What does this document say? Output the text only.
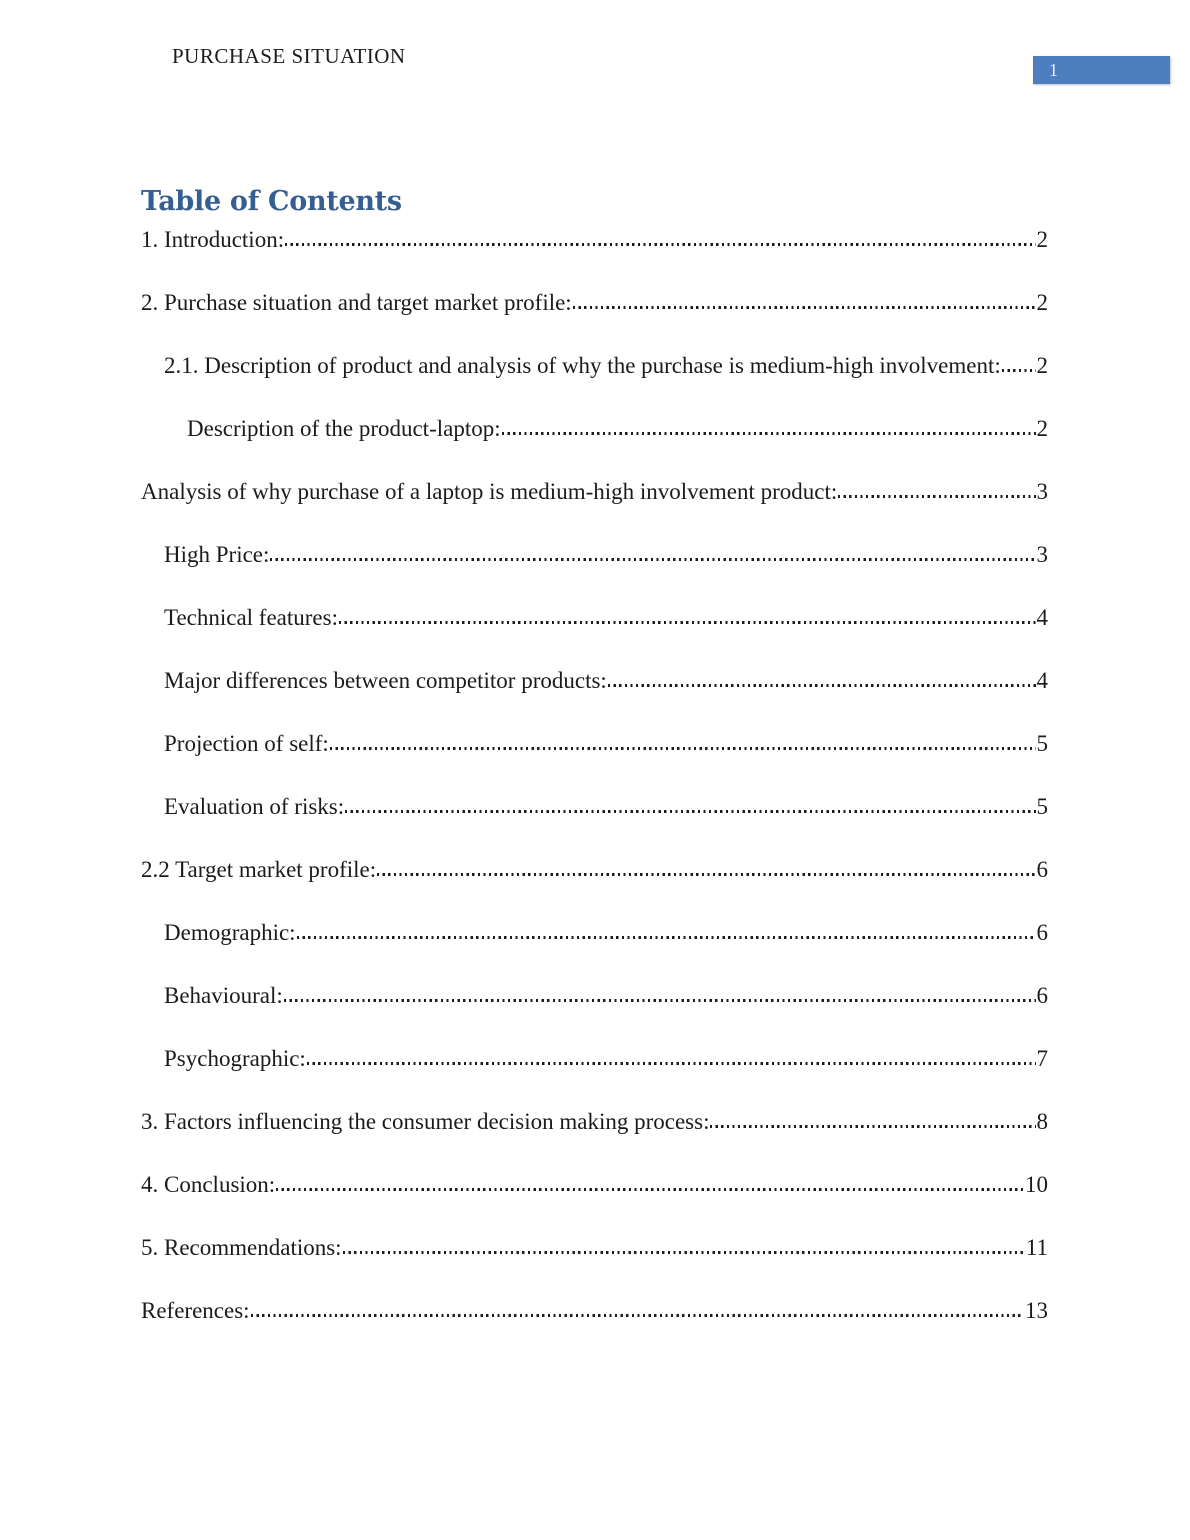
PURCHASE SITUATION
1
Table of Contents
1. Introduction:	2
2. Purchase situation and target market profile:	2
2.1. Description of product and analysis of why the purchase is medium-high involvement: 2
Description of the product-laptop:	2
Analysis of why purchase of a laptop is medium-high involvement product:	3
High Price:	3
Technical features:	4
Major differences between competitor products:	4
Projection of self:	5
Evaluation of risks:	5
2.2 Target market profile:	6
Demographic:	6
Behavioural:	6
Psychographic:	7
3. Factors influencing the consumer decision making process:	8
4. Conclusion:	10
5. Recommendations:	11
References:	13
